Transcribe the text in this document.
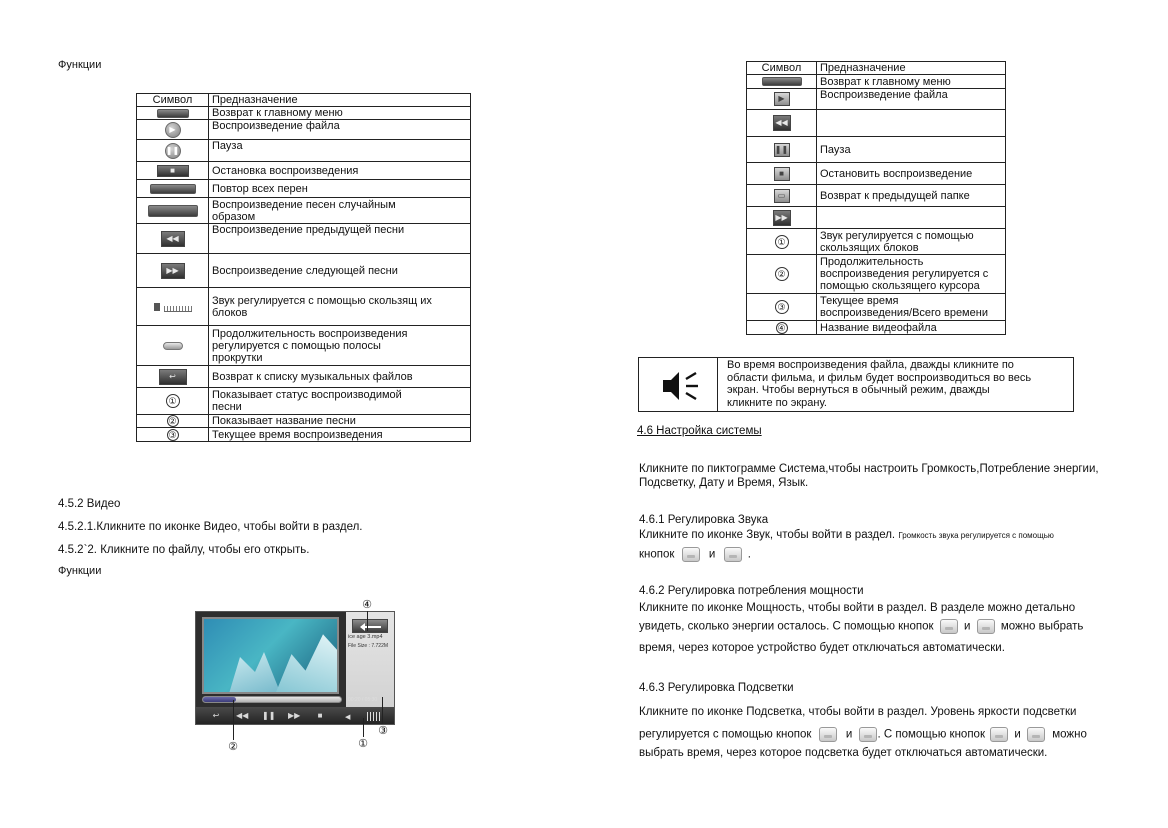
Функции
Символ	Предназначение

	Возврат к главному меню

▶	Воспроизведение файла

❚❚	Пауза

■	Остановка воспроизведения

	Повтор всех перен

	Воспроизведение песен случайным
образом

◀◀	Воспроизведение предыдущей песни

▶▶	Воспроизведение следующей песни

	Звук регулируется с помощью скользящ их
блоков

	Продолжительность воспроизведения
регулируется с помощью полосы
прокрутки

↩	Возврат к списку музыкальных файлов

①	Показывает статус воспроизводимой
песни

②	Показывает название песни

③	Текущее время воспроизведения
4.5.2 Видео
4.5.2.1.Кликните по иконке Видео, чтобы войти в раздел.
4.5.2`2. Кликните по файлу, чтобы его открыть.
Функции
ice age 3.mp4
File Size : 7.722M
00:20 / 05:30
↩	◀◀ ❚❚ ▶▶	■	◀
④
②	①
③
Символ	Предназначение

	Возврат к главному меню

▶	Воспроизведение файла

◀◀	

❚❚	Пауза

■	Остановить воспроизведение

▭	Возврат к предыдущей папке

▶▶	

①	Звук регулируется с помощью
скользящих блоков

②	Продолжительность
воспроизведения регулируется с
помощью скользящего курсора

③	Текущее время
воспроизведения/Всего времени

④	Название видеофайла
Во время воспроизведения файла, дважды кликните по
области фильма, и фильм будет воспроизводиться во весь
экран. Чтобы вернуться в обычный режим, дважды
кликните по экрану.
4.6 Настройка системы
Кликните по пиктограмме Система,чтобы настроить Громкость,Потребление энергии,
Подсветку, Дату и Время, Язык.
4.6.1 Регулировка Звука
Кликните по иконке Звук, чтобы войти в раздел. Громкость звука регулируется с помощью
кнопок	и	.
4.6.2 Регулировка потребления мощности
Кликните по иконке Мощность, чтобы войти в раздел. В разделе можно детально
увидеть, сколько энергии осталось. С помощью кнопок	и	можно выбрать
время, через которое устройство будет отключаться автоматически.
4.6.3 Регулировка Подсветки
Кликните по иконке Подсветка, чтобы войти в раздел. Уровень яркости подсветки
регулируется с помощью кнопок	и . С помощью кнопок	и	можно
выбрать время, через которое подсветка будет отключаться автоматически.
